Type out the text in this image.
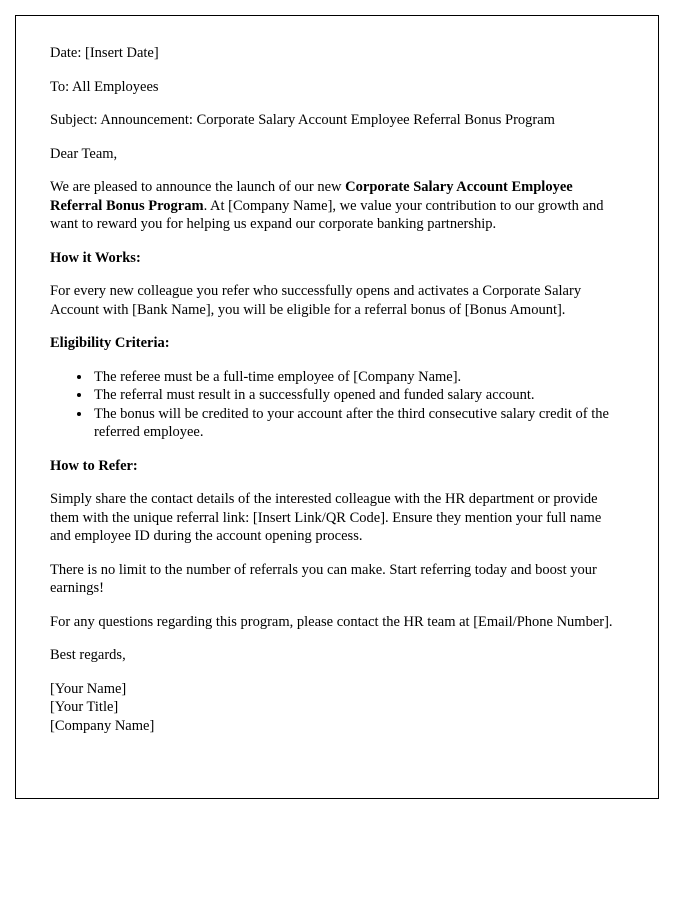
Date: [Insert Date]

To: All Employees

Subject: Announcement: Corporate Salary Account Employee Referral Bonus Program

Dear Team,

We are pleased to announce the launch of our new Corporate Salary Account Employee Referral Bonus Program. At [Company Name], we value your contribution to our growth and want to reward you for helping us expand our corporate banking partnership.

How it Works:

For every new colleague you refer who successfully opens and activates a Corporate Salary Account with [Bank Name], you will be eligible for a referral bonus of [Bonus Amount].

Eligibility Criteria:

• The referee must be a full-time employee of [Company Name].
• The referral must result in a successfully opened and funded salary account.
• The bonus will be credited to your account after the third consecutive salary credit of the referred employee.

How to Refer:

Simply share the contact details of the interested colleague with the HR department or provide them with the unique referral link: [Insert Link/QR Code]. Ensure they mention your full name and employee ID during the account opening process.

There is no limit to the number of referrals you can make. Start referring today and boost your earnings!

For any questions regarding this program, please contact the HR team at [Email/Phone Number].

Best regards,

[Your Name]

[Your Title]

[Company Name]
